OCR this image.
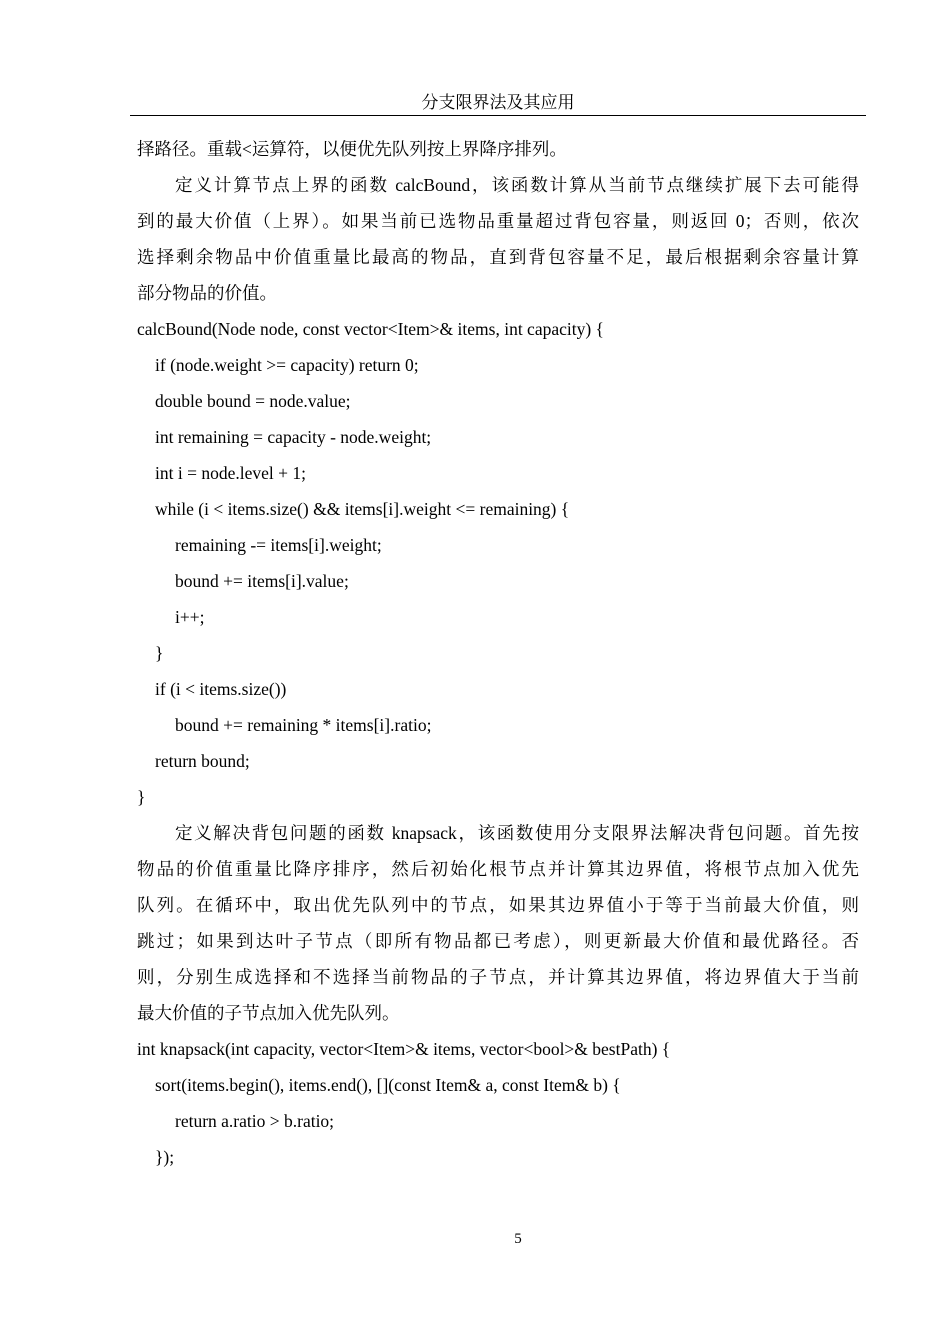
分支限界法及其应用
择路径。重载<运算符，以便优先队列按上界降序排列。
定义计算节点上界的函数 calcBound，该函数计算从当前节点继续扩展下去可能得
到的最大价值（上界）。如果当前已选物品重量超过背包容量，则返回 0；否则，依次
选择剩余物品中价值重量比最高的物品，直到背包容量不足，最后根据剩余容量计算
部分物品的价值。
calcBound(Node node, const vector<Item>& items, int capacity) {
if (node.weight >= capacity) return 0;
double bound = node.value;
int remaining = capacity - node.weight;
int i = node.level + 1;
while (i < items.size() && items[i].weight <= remaining) {
remaining -= items[i].weight;
bound += items[i].value;
i++;
}
if (i < items.size())
bound += remaining * items[i].ratio;
return bound;
}
定义解决背包问题的函数 knapsack，该函数使用分支限界法解决背包问题。首先按
物品的价值重量比降序排序，然后初始化根节点并计算其边界值，将根节点加入优先
队列。在循环中，取出优先队列中的节点，如果其边界值小于等于当前最大价值，则
跳过；如果到达叶子节点（即所有物品都已考虑），则更新最大价值和最优路径。否
则，分别生成选择和不选择当前物品的子节点，并计算其边界值，将边界值大于当前
最大价值的子节点加入优先队列。
int knapsack(int capacity, vector<Item>& items, vector<bool>& bestPath) {
sort(items.begin(), items.end(), [](const Item& a, const Item& b) {
return a.ratio > b.ratio;
});
5
